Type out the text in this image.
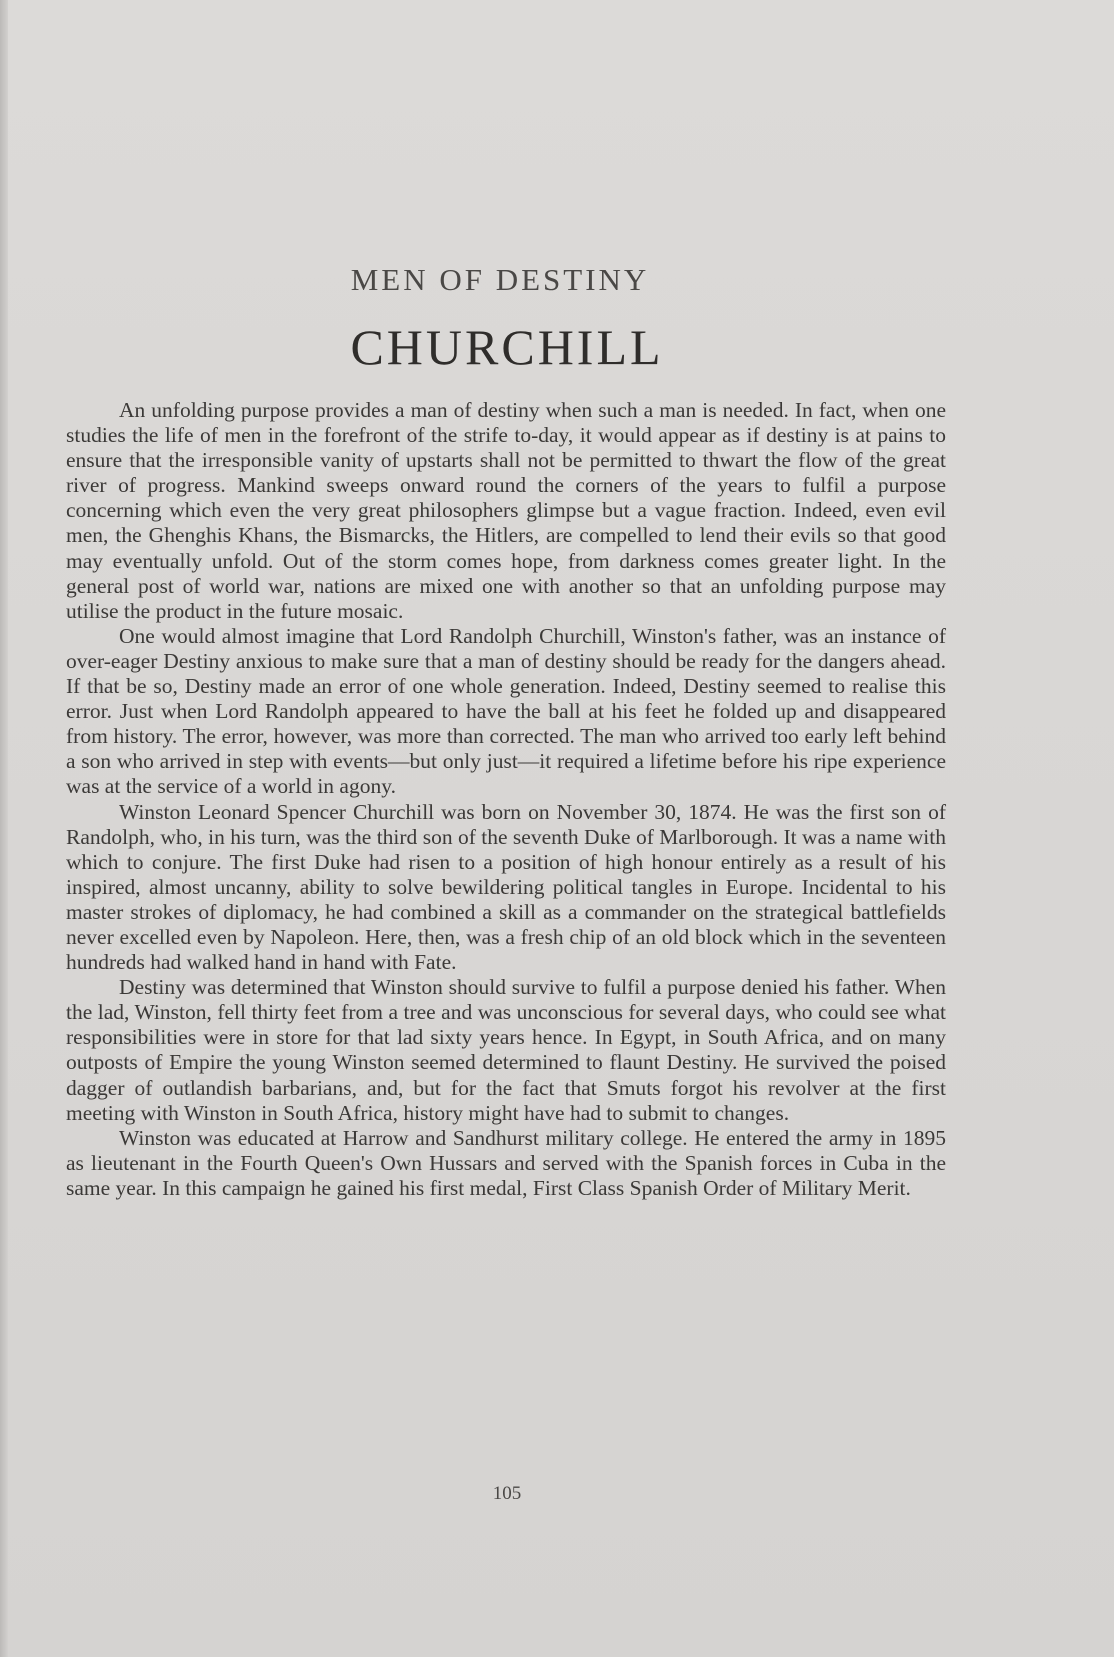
MEN OF DESTINY
CHURCHILL

An unfolding purpose provides a man of destiny when such a man is needed. In fact, when one studies the life of men in the forefront of the strife to-day, it would appear as if destiny is at pains to ensure that the irresponsible vanity of upstarts shall not be permitted to thwart the flow of the great river of progress. Mankind sweeps onward round the corners of the years to fulfil a purpose concerning which even the very great philosophers glimpse but a vague fraction. Indeed, even evil men, the Ghenghis Khans, the Bismarcks, the Hitlers, are compelled to lend their evils so that good may eventually unfold. Out of the storm comes hope, from darkness comes greater light. In the general post of world war, nations are mixed one with another so that an unfolding purpose may utilise the product in the future mosaic.

One would almost imagine that Lord Randolph Churchill, Winston's father, was an instance of over-eager Destiny anxious to make sure that a man of destiny should be ready for the dangers ahead. If that be so, Destiny made an error of one whole generation. Indeed, Destiny seemed to realise this error. Just when Lord Randolph appeared to have the ball at his feet he folded up and disappeared from history. The error, however, was more than corrected. The man who arrived too early left behind a son who arrived in step with events—but only just—it required a lifetime before his ripe experience was at the service of a world in agony.

Winston Leonard Spencer Churchill was born on November 30, 1874. He was the first son of Randolph, who, in his turn, was the third son of the seventh Duke of Marlborough. It was a name with which to conjure. The first Duke had risen to a position of high honour entirely as a result of his inspired, almost uncanny, ability to solve bewildering political tangles in Europe. Incidental to his master strokes of diplomacy, he had combined a skill as a commander on the strategical battlefields never excelled even by Napoleon. Here, then, was a fresh chip of an old block which in the seventeen hundreds had walked hand in hand with Fate.

Destiny was determined that Winston should survive to fulfil a purpose denied his father. When the lad, Winston, fell thirty feet from a tree and was unconscious for several days, who could see what responsibilities were in store for that lad sixty years hence. In Egypt, in South Africa, and on many outposts of Empire the young Winston seemed determined to flaunt Destiny. He survived the poised dagger of outlandish barbarians, and, but for the fact that Smuts forgot his revolver at the first meeting with Winston in South Africa, history might have had to submit to changes.

Winston was educated at Harrow and Sandhurst military college. He entered the army in 1895 as lieutenant in the Fourth Queen's Own Hussars and served with the Spanish forces in Cuba in the same year. In this campaign he gained his first medal, First Class Spanish Order of Military Merit.

105
